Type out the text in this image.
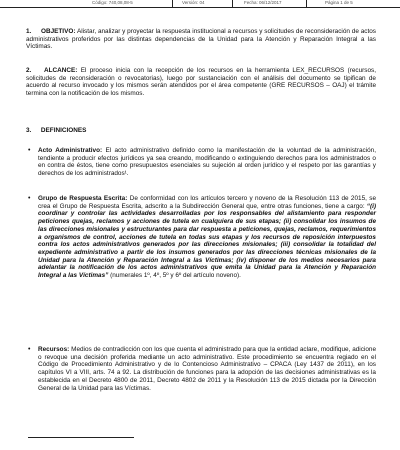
Código: 740,08,08-5	Versión: 04	Fecha: 06/12/2017	Página 1 de 5
1. OBJETIVO: Alistar, analizar y proyectar la respuesta institucional a recursos y solicitudes de reconsideración de actos administrativos proferidos por las distintas dependencias de la Unidad para la Atención y Reparación Integral a las Víctimas.
2. ALCANCE: El proceso inicia con la recepción de los recursos en la herramienta LEX_RECURSOS (recursos, solicitudes de reconsideración o revocatorias), luego por sustanciación con el análisis del documento se tipifican de acuerdo al recurso invocado y los mismos serán atendidos por el área competente (GRE RECURSOS – OAJ) el trámite termina con la notificación de los mismos.
3. DEFINICIONES
• Acto Administrativo: El acto administrativo definido como la manifestación de la voluntad de la administración, tendiente a producir efectos jurídicos ya sea creando, modificando o extinguiendo derechos para los administrados o en contra de éstos, tiene como presupuestos esenciales su sujeción al orden jurídico y el respeto por las garantías y derechos de los administrados¹.
• Grupo de Respuesta Escrita: De conformidad con los artículos tercero y noveno de la Resolución 113 de 2015, se crea el Grupo de Respuesta Escrita, adscrito a la Subdirección General que, entre otras funciones, tiene a cargo: “(i) coordinar y controlar las actividades desarrolladas por los responsables del alistamiento para responder peticiones quejas, reclamos y acciones de tutela en cualquiera de sus etapas; (ii) consolidar los insumos de las direcciones misionales y estructurantes para dar respuesta a peticiones, quejas, reclamos, requerimientos a organismos de control, acciones de tutela en todas sus etapas y los recursos de reposición interpuestos contra los actos administrativos generados por las direcciones misionales; (iii) consolidar la totalidad del expediente administrativo a partir de los insumos generados por las direcciones técnicas misionales de la Unidad para la Atención y Reparación Integral a las Víctimas; (iv) disponer de los medios necesarios para adelantar la notificación de los actos administrativos que emita la Unidad para la Atención y Reparación Integral a las Víctimas” (numerales 1º, 4º, 5º y 6º del artículo noveno).
• Recursos: Medios de contradicción con los que cuenta el administrado para que la entidad aclare, modifique, adicione o revoque una decisión proferida mediante un acto administrativo. Este procedimiento se encuentra regiado en el Código de Procedimiento Administrativo y de lo Contencioso Administrativo – CPACA (Ley 1437 de 2011), en los capítulos VI a VIII, arts. 74 a 92. La distribución de funciones para la adopción de las decisiones administrativas es la establecida en el Decreto 4800 de 2011, Decreto 4802 de 2011 y la Resolución 113 de 2015 dictada por la Dirección General de la Unidad para las Víctimas.
